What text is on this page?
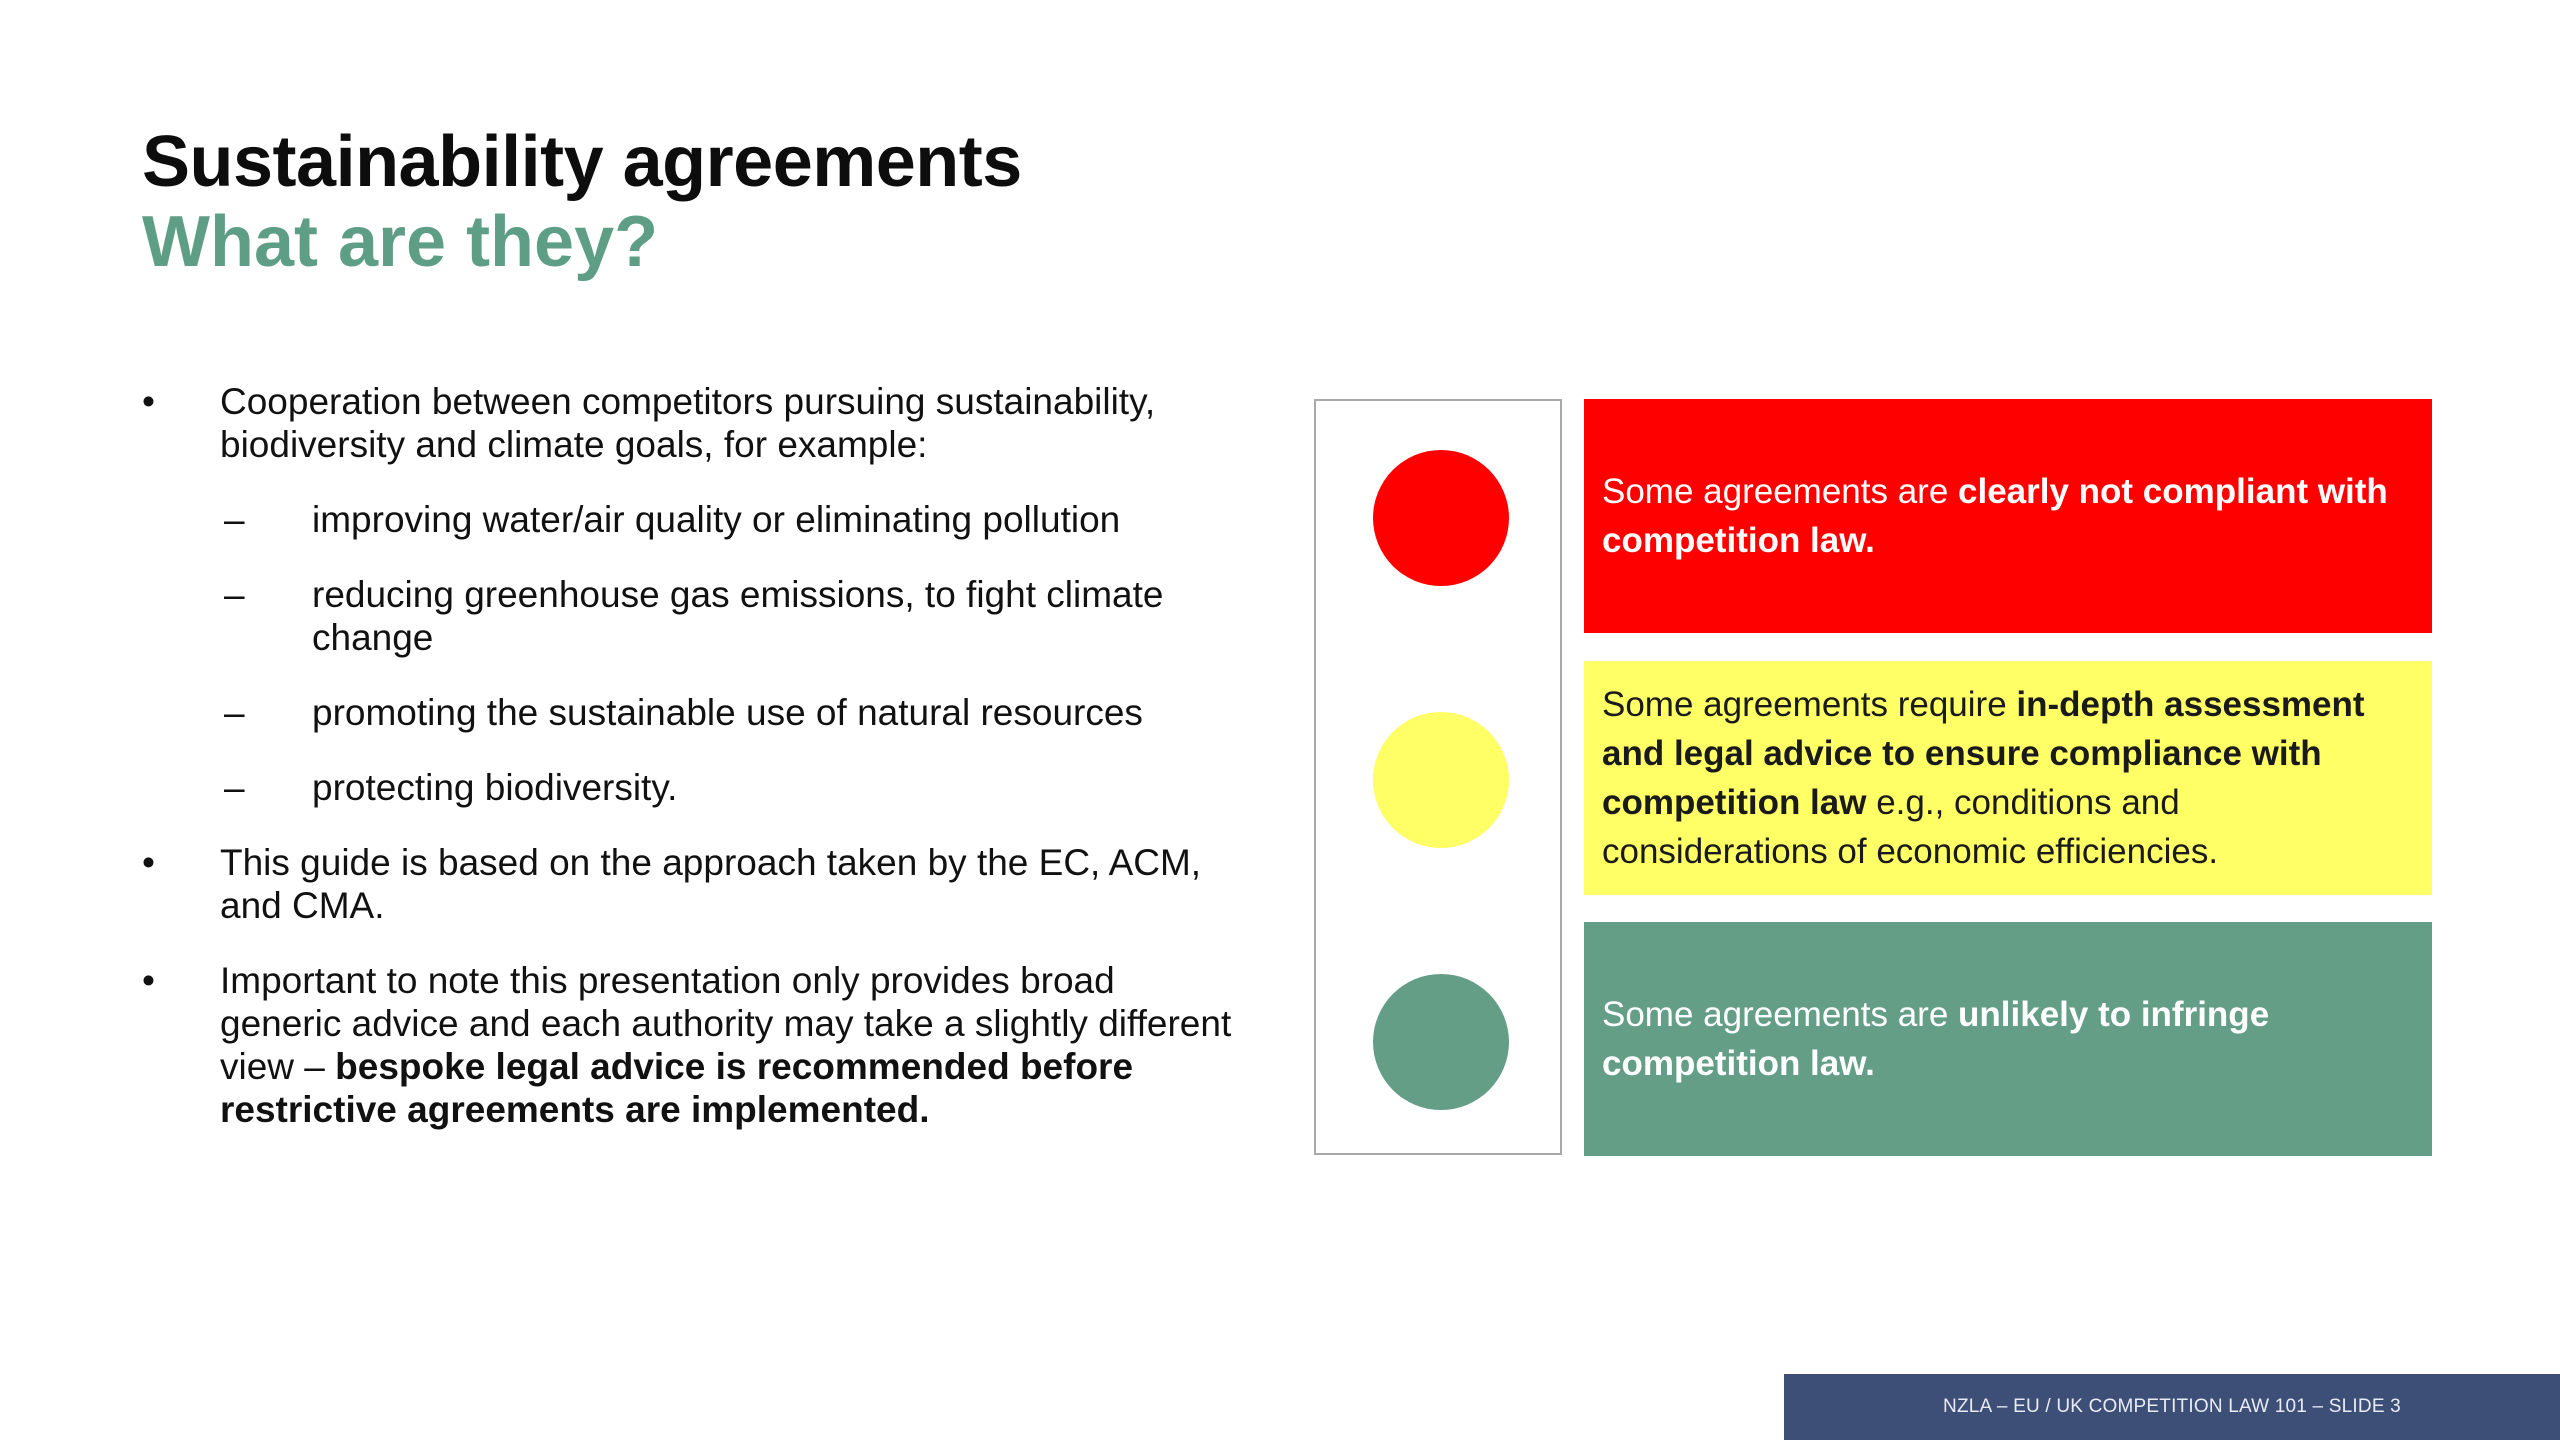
Sustainability agreements
What are they?
•	Cooperation between competitors pursuing sustainability, biodiversity and climate goals, for example:
–	improving water/air quality or eliminating pollution
–	reducing greenhouse gas emissions, to fight climate change
–	promoting the sustainable use of natural resources
–	protecting biodiversity.
•	This guide is based on the approach taken by the EC, ACM, and CMA.
•	Important to note this presentation only provides broad generic advice and each authority may take a slightly different view – bespoke legal advice is recommended before restrictive agreements are implemented.
Some agreements are clearly not compliant with competition law.
Some agreements require in-depth assessment and legal advice to ensure compliance with competition law e.g., conditions and considerations of economic efficiencies.
Some agreements are unlikely to infringe competition law.
NZLA – EU / UK COMPETITION LAW 101 – SLIDE 3
